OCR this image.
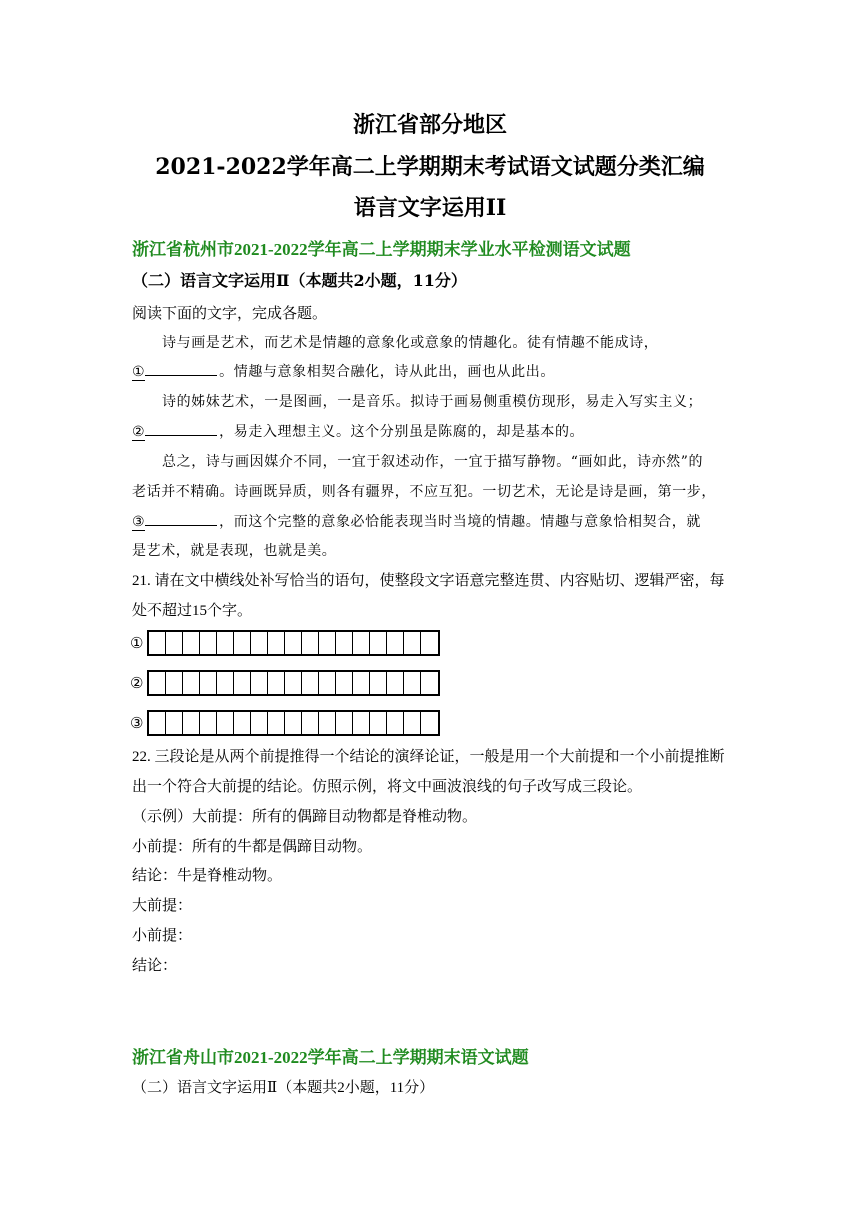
浙江省部分地区
2021-2022学年高二上学期期末考试语文试题分类汇编
语言文字运用II
浙江省杭州市2021-2022学年高二上学期期末学业水平检测语文试题
（二）语言文字运用Ⅱ（本题共2小题，11分）
阅读下面的文字，完成各题。
诗与画是艺术，而艺术是情趣的意象化或意象的情趣化。徒有情趣不能成诗，
①	。情趣与意象相契合融化，诗从此出，画也从此出。
诗的姊妹艺术，一是图画，一是音乐。拟诗于画易侧重模仿现形，易走入写实主义；
②	，易走入理想主义。这个分别虽是陈腐的，却是基本的。
总之，诗与画因媒介不同，一宜于叙述动作，一宜于描写静物。“画如此，诗亦然”的
老话并不精确。诗画既异质，则各有疆界，不应互犯。一切艺术，无论是诗是画，第一步，
③	，而这个完整的意象必恰能表现当时当境的情趣。情趣与意象恰相契合，就
是艺术，就是表现，也就是美。
21. 请在文中横线处补写恰当的语句，使整段文字语意完整连贯、内容贴切、逻辑严密，每
处不超过15个字。
①
②
③
22. 三段论是从两个前提推得一个结论的演绎论证，一般是用一个大前提和一个小前提推断
出一个符合大前提的结论。仿照示例，将文中画波浪线的句子改写成三段论。
（示例）大前提：所有的偶蹄目动物都是脊椎动物。
小前提：所有的牛都是偶蹄目动物。
结论：牛是脊椎动物。
大前提：
小前提：
结论：
浙江省舟山市2021-2022学年高二上学期期末语文试题
（二）语言文字运用Ⅱ（本题共2小题，11分）
